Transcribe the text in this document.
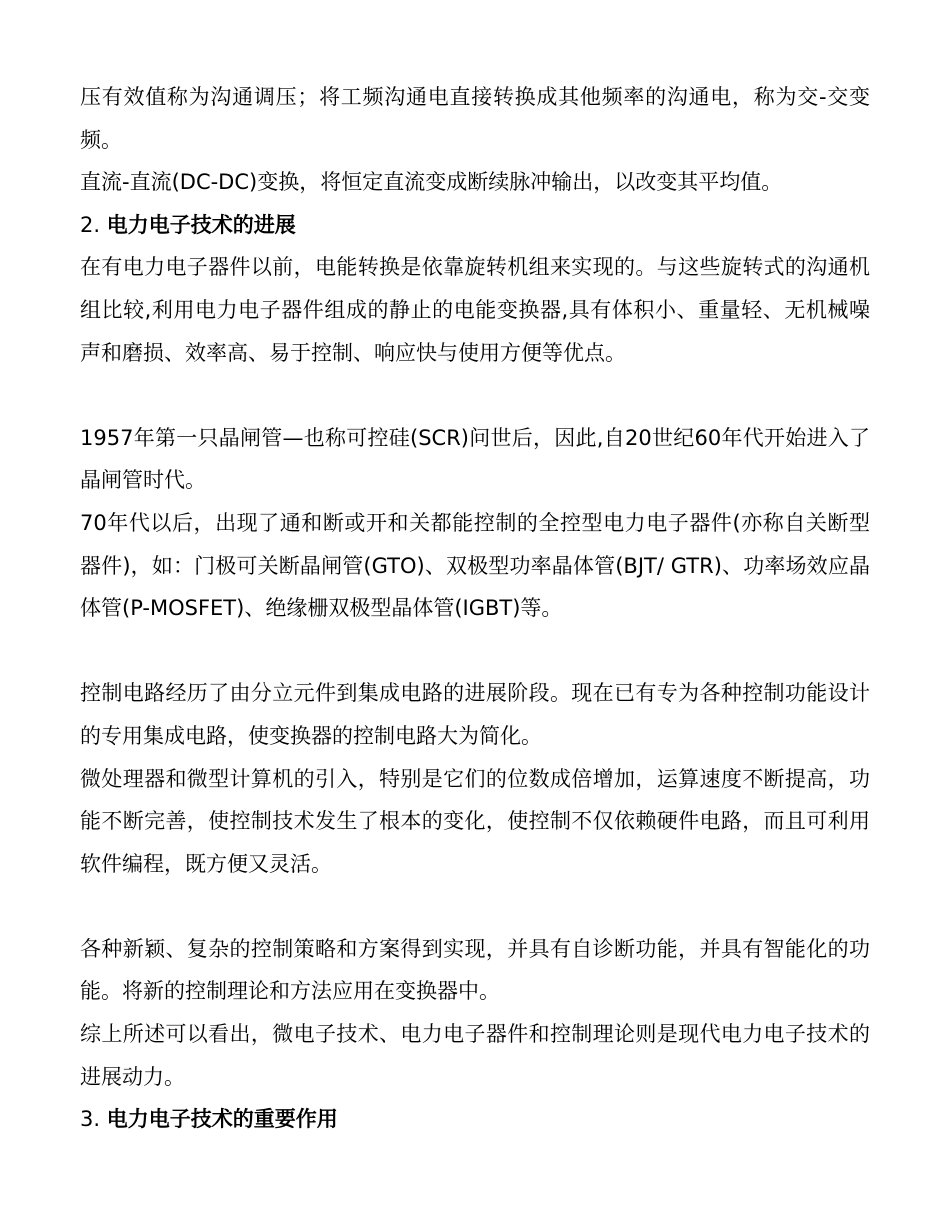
压有效值称为沟通调压；将工频沟通电直接转换成其他频率的沟通电，称为交-交变频。

直流-直流(DC-DC)变换，将恒定直流变成断续脉冲输出，以改变其平均值。

2. 电力电子技术的进展

在有电力电子器件以前，电能转换是依靠旋转机组来实现的。与这些旋转式的沟通机组比较,利用电力电子器件组成的静止的电能变换器,具有体积小、重量轻、无机械噪声和磨损、效率高、易于控制、响应快与使用方便等优点。

1957年第一只晶闸管—也称可控硅(SCR)问世后，因此,自20世纪60年代开始进入了晶闸管时代。

70年代以后，出现了通和断或开和关都能控制的全控型电力电子器件(亦称自关断型器件)，如：门极可关断晶闸管(GTO)、双极型功率晶体管(BJT/ GTR)、功率场效应晶体管(P-MOSFET)、绝缘栅双极型晶体管(IGBT)等。

控制电路经历了由分立元件到集成电路的进展阶段。现在已有专为各种控制功能设计的专用集成电路，使变换器的控制电路大为简化。

微处理器和微型计算机的引入，特别是它们的位数成倍增加，运算速度不断提高，功能不断完善，使控制技术发生了根本的变化，使控制不仅依赖硬件电路，而且可利用软件编程，既方便又灵活。

各种新颖、复杂的控制策略和方案得到实现，并具有自诊断功能，并具有智能化的功能。将新的控制理论和方法应用在变换器中。

综上所述可以看出，微电子技术、电力电子器件和控制理论则是现代电力电子技术的进展动力。

3. 电力电子技术的重要作用
